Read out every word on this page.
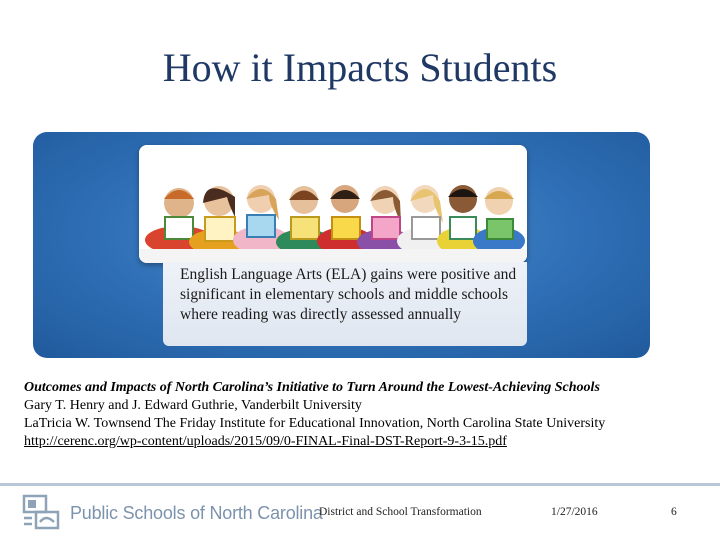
How it Impacts Students

English Language Arts (ELA) gains were positive and significant in elementary schools and middle schools where reading was directly assessed annually

Outcomes and Impacts of North Carolina’s Initiative to Turn Around the Lowest-Achieving Schools
Gary T. Henry and J. Edward Guthrie, Vanderbilt University
LaTricia W. Townsend The Friday Institute for Educational Innovation, North Carolina State University
http://cerenc.org/wp-content/uploads/2015/09/0-FINAL-Final-DST-Report-9-3-15.pdf
Public Schools of North Carolina
District and School Transformation	1/27/2016	6
